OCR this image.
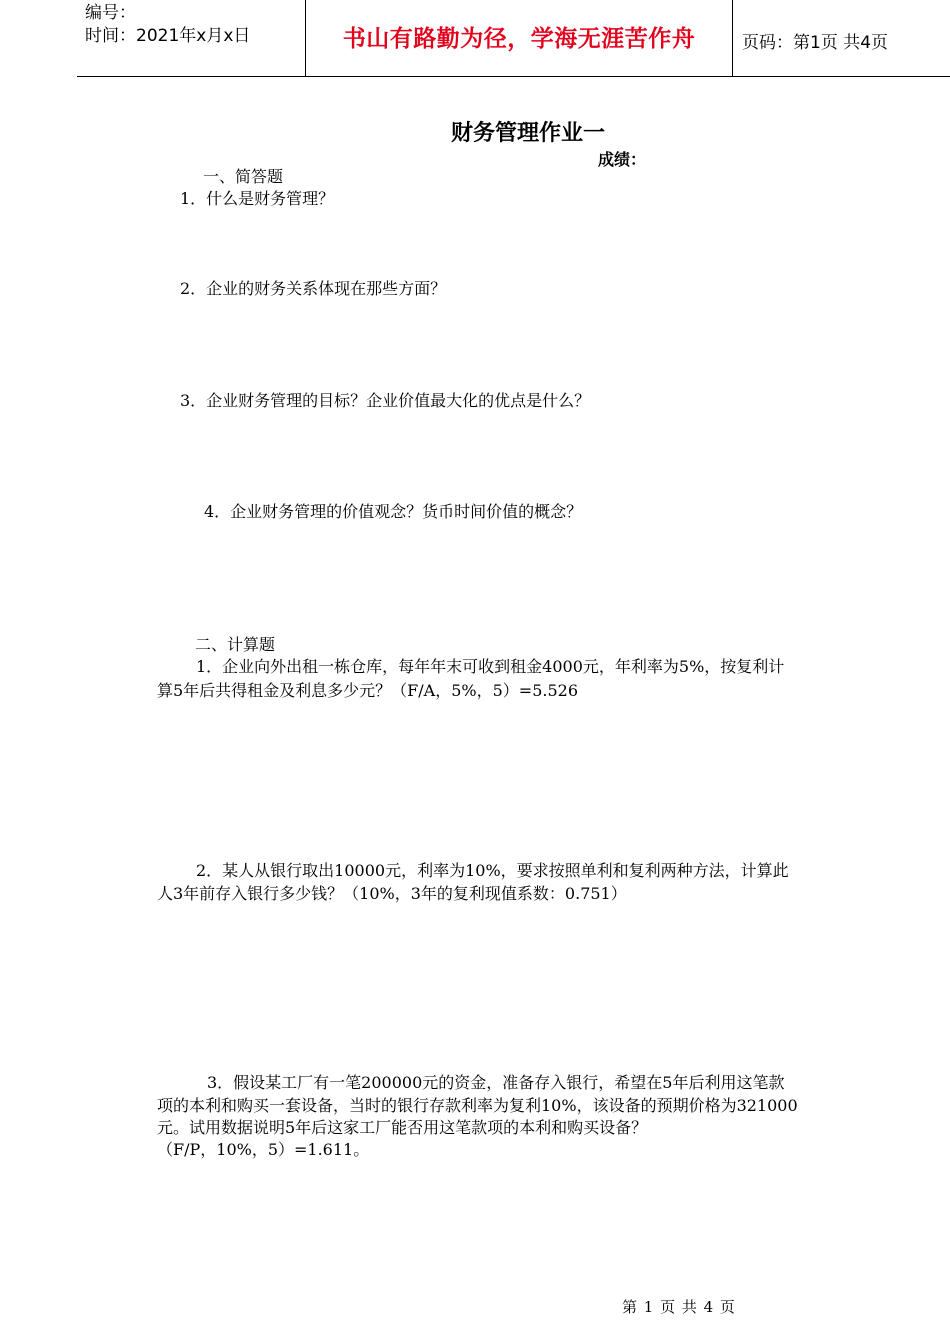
编号：
时间：2021年x月x日	书山有路勤为径，学海无涯苦作舟	页码：第1页 共4页
财务管理作业一
成绩：
一、简答题
1．什么是财务管理？
2．企业的财务关系体现在那些方面？
3．企业财务管理的目标？企业价值最大化的优点是什么？
4．企业财务管理的价值观念？货币时间价值的概念？
二、计算题
1．企业向外出租一栋仓库，每年年末可收到租金4000元，年利率为5%，按复利计
算5年后共得租金及利息多少元？（F/A，5%，5）=5.526
2．某人从银行取出10000元，利率为10%，要求按照单利和复利两种方法，计算此
人3年前存入银行多少钱？（10%，3年的复利现值系数：0.751）
3．假设某工厂有一笔200000元的资金，准备存入银行，希望在5年后利用这笔款
项的本利和购买一套设备，当时的银行存款利率为复利10%，该设备的预期价格为321000
元。试用数据说明5年后这家工厂能否用这笔款项的本利和购买设备？
（F/P，10%，5）=1.611。
第 1 页 共 4 页
